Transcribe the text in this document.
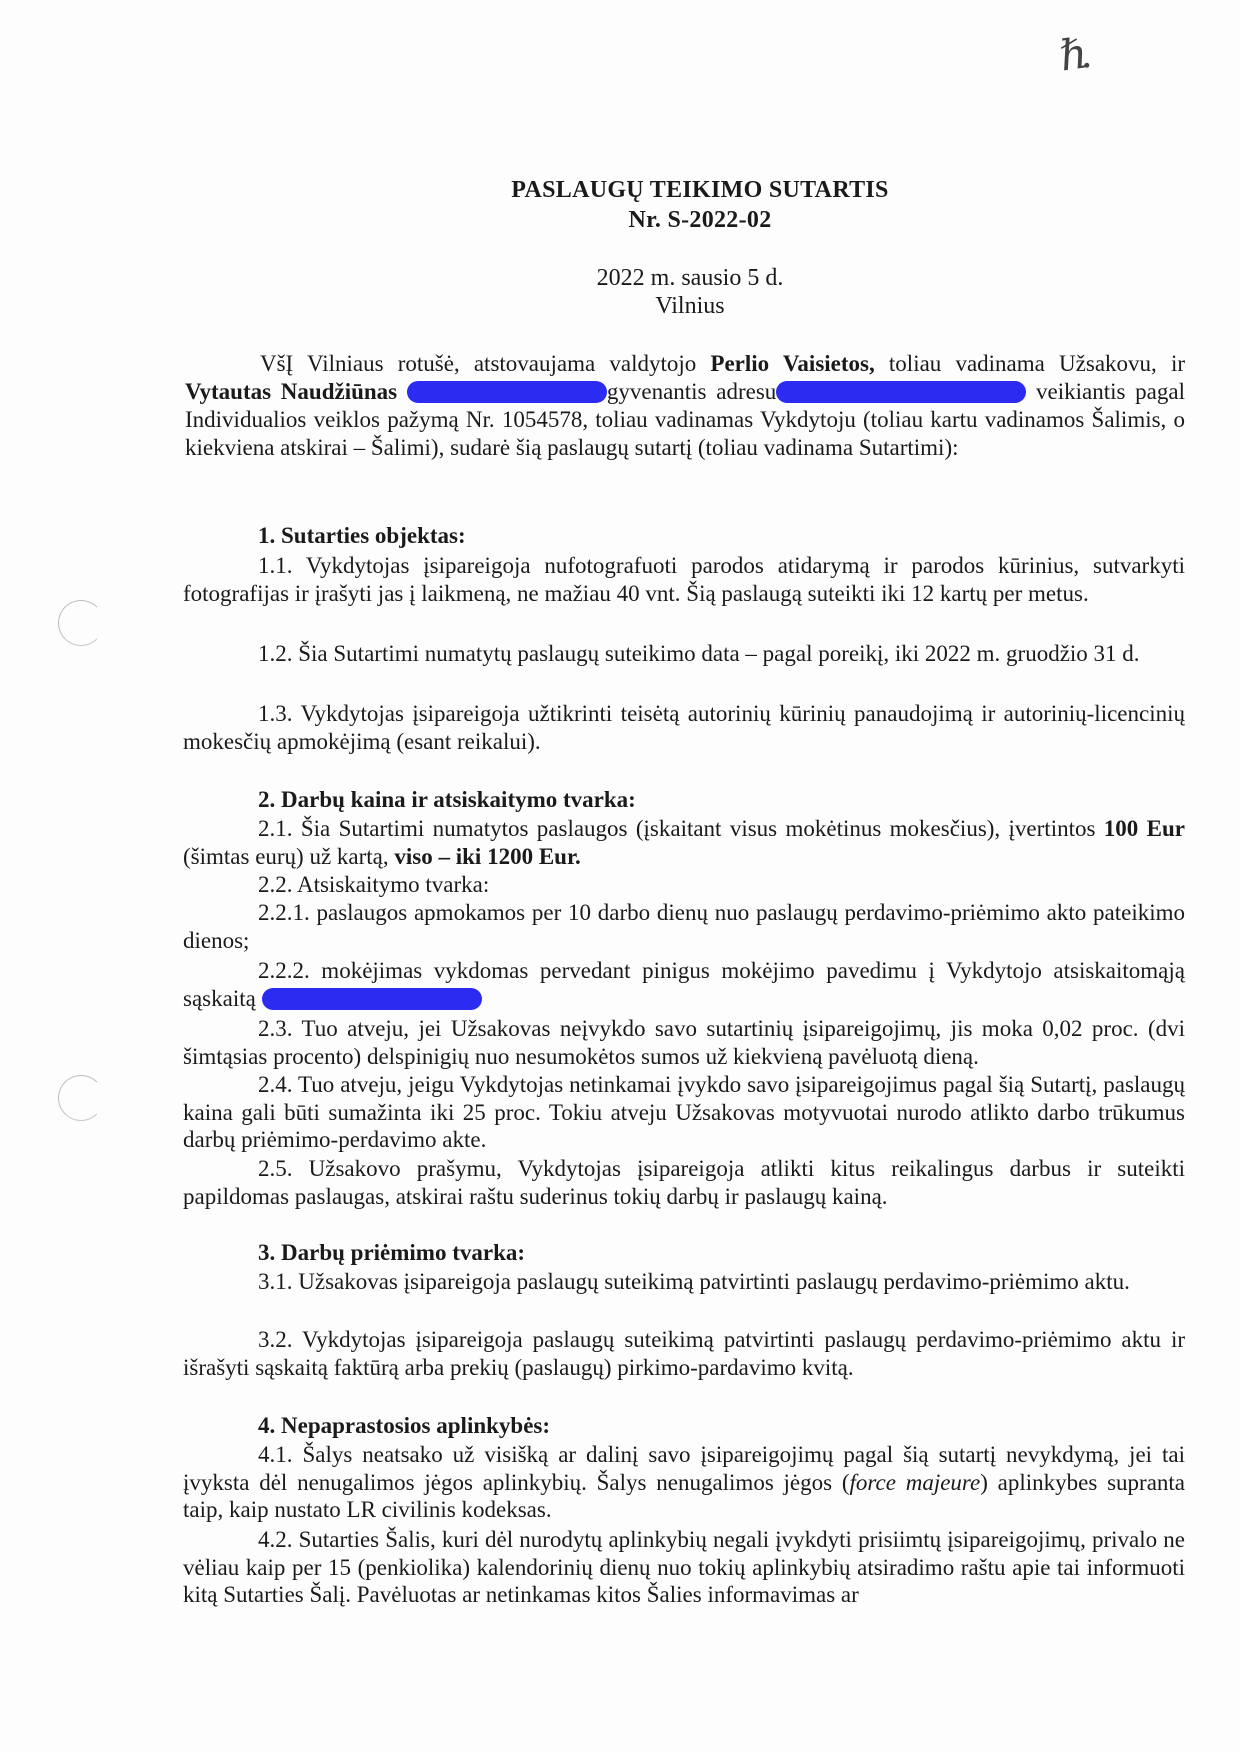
ℏ.
PASLAUGŲ TEIKIMO SUTARTIS
Nr. S-2022-02
2022 m. sausio 5 d.
Vilnius
VšĮ Vilniaus rotušė, atstovaujama valdytojo Perlio Vaisietos, toliau vadinama Užsakovu, ir Vytautas Naudžiūnas	gyvenantis adresu	veikiantis pagal Individualios veiklos pažymą Nr. 1054578, toliau vadinamas Vykdytoju (toliau kartu vadinamos Šalimis, o kiekviena atskirai – Šalimi), sudarė šią paslaugų sutartį (toliau vadinama Sutartimi):
1. Sutarties objektas:
1.1. Vykdytojas įsipareigoja nufotografuoti parodos atidarymą ir parodos kūrinius, sutvarkyti fotografijas ir įrašyti jas į laikmeną, ne mažiau 40 vnt. Šią paslaugą suteikti iki 12 kartų per metus.
1.2. Šia Sutartimi numatytų paslaugų suteikimo data – pagal poreikį, iki 2022 m. gruodžio 31 d.
1.3. Vykdytojas įsipareigoja užtikrinti teisėtą autorinių kūrinių panaudojimą ir autorinių-licencinių mokesčių apmokėjimą (esant reikalui).
2. Darbų kaina ir atsiskaitymo tvarka:
2.1. Šia Sutartimi numatytos paslaugos (įskaitant visus mokėtinus mokesčius), įvertintos 100 Eur (šimtas eurų) už kartą, viso – iki 1200 Eur.
2.2. Atsiskaitymo tvarka:
2.2.1. paslaugos apmokamos per 10 darbo dienų nuo paslaugų perdavimo-priėmimo akto pateikimo dienos;
2.2.2. mokėjimas vykdomas pervedant pinigus mokėjimo pavedimu į Vykdytojo atsiskaitomąją sąskaitą
2.3. Tuo atveju, jei Užsakovas neįvykdo savo sutartinių įsipareigojimų, jis moka 0,02 proc. (dvi šimtąsias procento) delspinigių nuo nesumokėtos sumos už kiekvieną pavėluotą dieną.
2.4. Tuo atveju, jeigu Vykdytojas netinkamai įvykdo savo įsipareigojimus pagal šią Sutartį, paslaugų kaina gali būti sumažinta iki 25 proc. Tokiu atveju Užsakovas motyvuotai nurodo atlikto darbo trūkumus darbų priėmimo-perdavimo akte.
2.5. Užsakovo prašymu, Vykdytojas įsipareigoja atlikti kitus reikalingus darbus ir suteikti papildomas paslaugas, atskirai raštu suderinus tokių darbų ir paslaugų kainą.
3. Darbų priėmimo tvarka:
3.1. Užsakovas įsipareigoja paslaugų suteikimą patvirtinti paslaugų perdavimo-priėmimo aktu.
3.2. Vykdytojas įsipareigoja paslaugų suteikimą patvirtinti paslaugų perdavimo-priėmimo aktu ir išrašyti sąskaitą faktūrą arba prekių (paslaugų) pirkimo-pardavimo kvitą.
4. Nepaprastosios aplinkybės:
4.1. Šalys neatsako už visišką ar dalinį savo įsipareigojimų pagal šią sutartį nevykdymą, jei tai įvyksta dėl nenugalimos jėgos aplinkybių. Šalys nenugalimos jėgos (force majeure) aplinkybes supranta taip, kaip nustato LR civilinis kodeksas.
4.2. Sutarties Šalis, kuri dėl nurodytų aplinkybių negali įvykdyti prisiimtų įsipareigojimų, privalo ne vėliau kaip per 15 (penkiolika) kalendorinių dienų nuo tokių aplinkybių atsiradimo raštu apie tai informuoti kitą Sutarties Šalį. Pavėluotas ar netinkamas kitos Šalies informavimas ar
